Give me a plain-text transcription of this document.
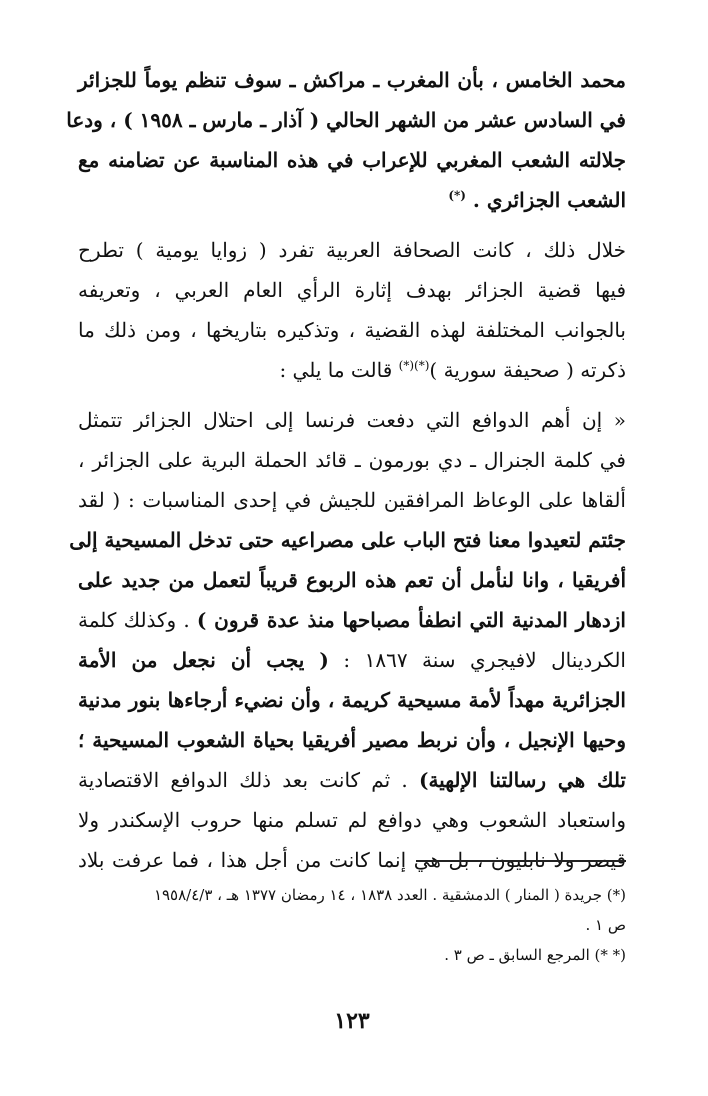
محمد الخامس ، بأن المغرب ـ مراكش ـ سوف تنظم يوماً للجزائر
في السادس عشر من الشهر الحالي ( آذار ـ مارس ـ ١٩٥٨ ) ، ودعا
جلالته الشعب المغربي للإعراب في هذه المناسبة عن تضامنه مع
الشعب الجزائري . (*)
خلال ذلك ، كانت الصحافة العربية تفرد ( زوايا يومية ) تطرح
فيها قضية الجزائر بهدف إثارة الرأي العام العربي ، وتعريفه
بالجوانب المختلفة لهذه القضية ، وتذكيره بتاريخها ، ومن ذلك ما
ذكرته ( صحيفة سورية )(*)(*) قالت ما يلي :
« إن أهم الدوافع التي دفعت فرنسا إلى احتلال الجزائر تتمثل
في كلمة الجنرال ـ دي بورمون ـ قائد الحملة البرية على الجزائر ،
ألقاها على الوعاظ المرافقين للجيش في إحدى المناسبات : ( لقد
جئتم لتعيدوا معنا فتح الباب على مصراعيه حتى تدخل المسيحية إلى
أفريقيا ، وانا لنأمل أن تعم هذه الربوع قريباً لتعمل من جديد على
ازدهار المدنية التي انطفأ مصباحها منذ عدة قرون ) . وكذلك كلمة
الكردينال لافيجري سنة ١٨٦٧ : ( يجب أن نجعل من الأمة
الجزائرية مهداً لأمة مسيحية كريمة ، وأن نضيء أرجاءها بنور مدنية
وحيها الإنجيل ، وأن نربط مصير أفريقيا بحياة الشعوب المسيحية ؛
تلك هي رسالتنا الإلهية) . ثم كانت بعد ذلك الدوافع الاقتصادية
واستعباد الشعوب وهي دوافع لم تسلم منها حروب الإسكندر ولا
قيصر ولا نابليون ، بل هي إنما كانت من أجل هذا ، فما عرفت بلاد
(*) جريدة ( المنار ) الدمشقية . العدد ١٨٣٨ ، ١٤ رمضان ١٣٧٧ هـ ، ١٩٥٨/٤/٣
ص ١ .
(* *) المرجع السابق ـ ص ٣ .
١٢٣
